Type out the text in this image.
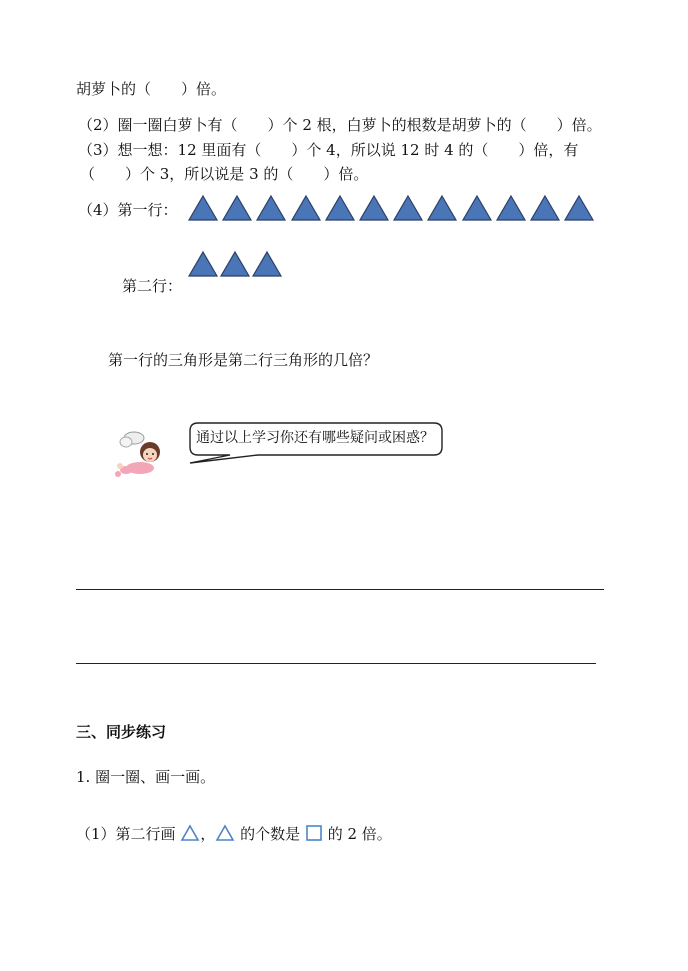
胡萝卜的（　　）倍。
（2）圈一圈白萝卜有（　　）个 2 根，白萝卜的根数是胡萝卜的（　　）倍。
（3）想一想：12 里面有（　　）个 4，所以说 12 时 4 的（　　）倍，有
（　　）个 3，所以说是 3 的（　　）倍。
（4）第一行：
第二行：
第一行的三角形是第二行三角形的几倍？
通过以上学习你还有哪些疑问或困惑？
三、同步练习
1. 圈一圈、画一画。
（1）第二行画 ， 的个数是 的 2 倍。
